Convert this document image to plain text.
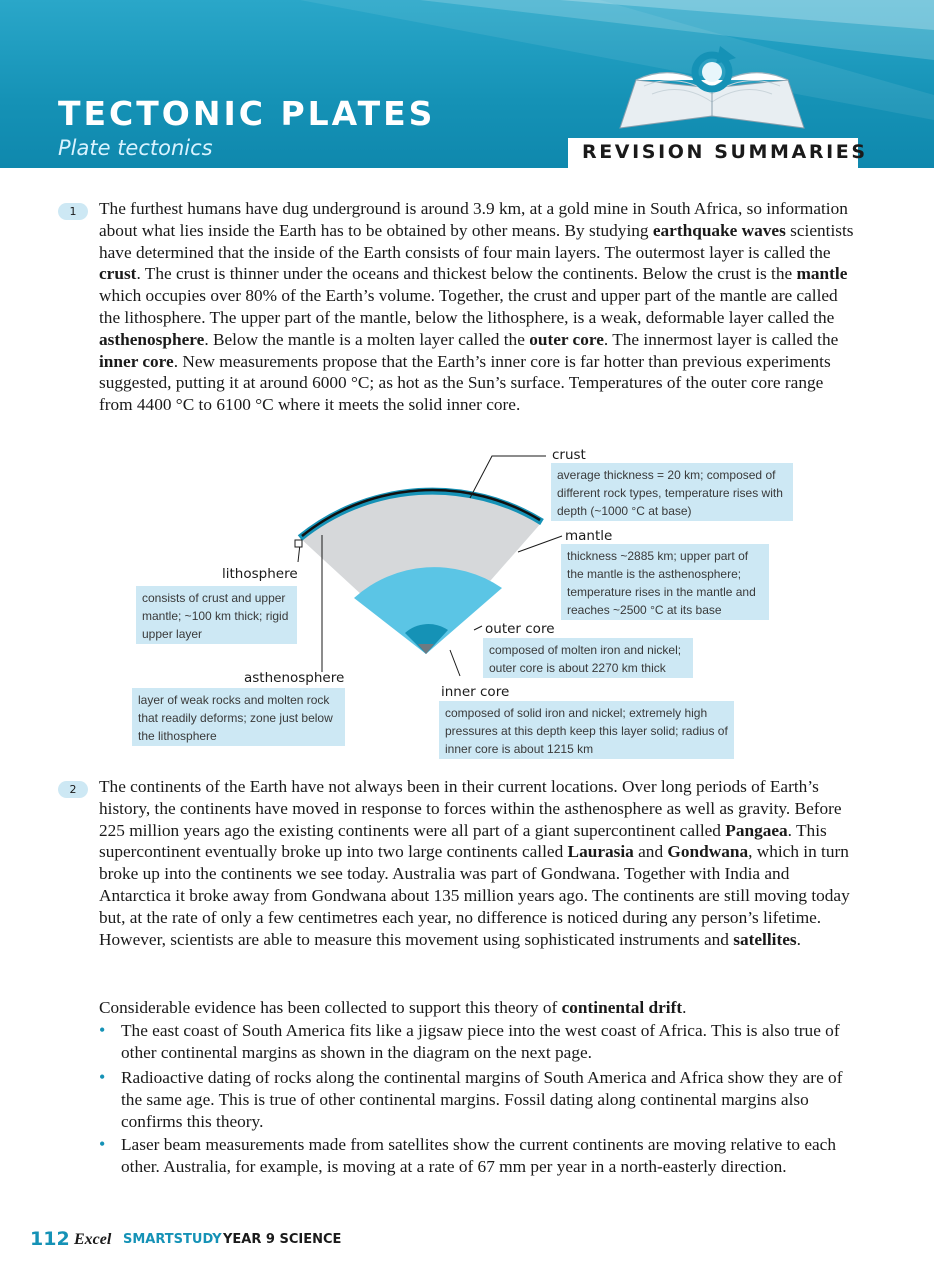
TECTONIC PLATES
Plate tectonics	REVISION SUMMARIES
1	The furthest humans have dug underground is around 3.9 km, at a gold mine in South Africa, so information about what lies inside the Earth has to be obtained by other means. By studying earthquake waves scientists have determined that the inside of the Earth consists of four main layers. The outermost layer is called the crust. The crust is thinner under the oceans and thickest below the continents. Below the crust is the mantle which occupies over 80% of the Earth’s volume. Together, the crust and upper part of the mantle are called the lithosphere. The upper part of the mantle, below the lithosphere, is a weak, deformable layer called the asthenosphere. Below the mantle is a molten layer called the outer core. The innermost layer is called the inner core. New measurements propose that the Earth’s inner core is far hotter than previous experiments suggested, putting it at around 6000 °C; as hot as the Sun’s surface. Temperatures of the outer core range from 4400 °C to 6100 °C where it meets the solid inner core.
crust
average thickness = 20 km; composed of different rock types, temperature rises with depth (~1000 °C at base)
mantle
thickness ~2885 km; upper part of the mantle is the asthenosphere; temperature rises in the mantle and reaches ~2500 °C at its base
lithosphere
consists of crust and upper mantle; ~100 km thick; rigid upper layer	outer core
composed of molten iron and nickel; outer core is about 2270 km thick
asthenosphere
layer of weak rocks and molten rock that readily deforms; zone just below the lithosphere
inner core
composed of solid iron and nickel; extremely high pressures at this depth keep this layer solid; radius of inner core is about 1215 km
2	The continents of the Earth have not always been in their current locations. Over long periods of Earth’s history, the continents have moved in response to forces within the asthenosphere as well as gravity. Before 225 million years ago the existing continents were all part of a giant supercontinent called Pangaea. This supercontinent eventually broke up into two large continents called Laurasia and Gondwana, which in turn broke up into the continents we see today. Australia was part of Gondwana. Together with India and Antarctica it broke away from Gondwana about 135 million years ago. The continents are still moving today but, at the rate of only a few centimetres each year, no difference is noticed during any person’s lifetime. However, scientists are able to measure this movement using sophisticated instruments and satellites.
Considerable evidence has been collected to support this theory of continental drift.
• The east coast of South America fits like a jigsaw piece into the west coast of Africa. This is also true of other continental margins as shown in the diagram on the next page.
• Radioactive dating of rocks along the continental margins of South America and Africa show they are of the same age. This is true of other continental margins. Fossil dating along continental margins also confirms this theory.
• Laser beam measurements made from satellites show the current continents are moving relative to each other. Australia, for example, is moving at a rate of 67 mm per year in a north-easterly direction.
112 Excel SMARTSTUDY YEAR 9 SCIENCE
